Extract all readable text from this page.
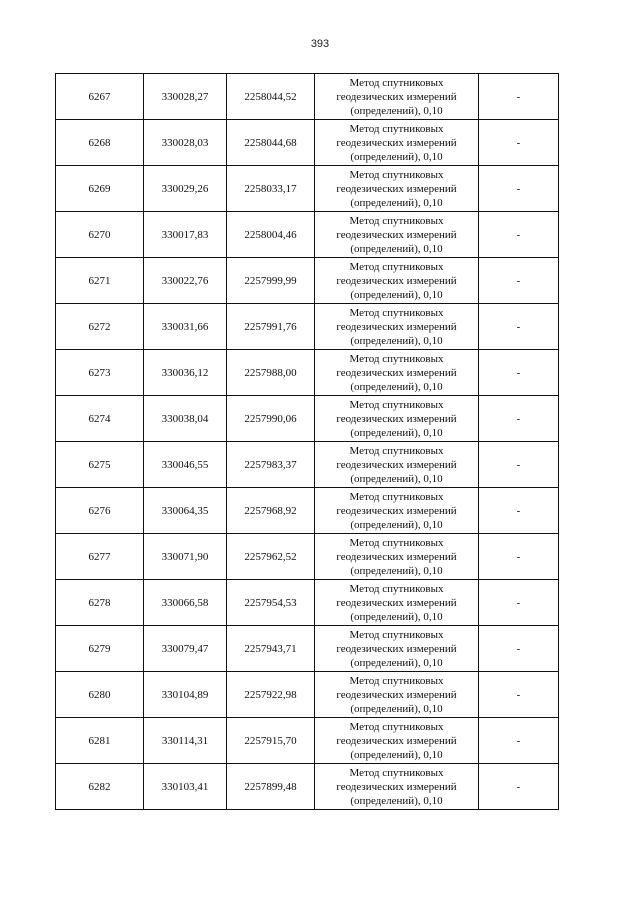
393
6267	330028,27	2258044,52	Метод спутниковых
геодезических измерений
(определений), 0,10	-
6268	330028,03	2258044,68	Метод спутниковых
геодезических измерений
(определений), 0,10	-
6269	330029,26	2258033,17	Метод спутниковых
геодезических измерений
(определений), 0,10	-
6270	330017,83	2258004,46	Метод спутниковых
геодезических измерений
(определений), 0,10	-
6271	330022,76	2257999,99	Метод спутниковых
геодезических измерений
(определений), 0,10	-
6272	330031,66	2257991,76	Метод спутниковых
геодезических измерений
(определений), 0,10	-
6273	330036,12	2257988,00	Метод спутниковых
геодезических измерений
(определений), 0,10	-
6274	330038,04	2257990,06	Метод спутниковых
геодезических измерений
(определений), 0,10	-
6275	330046,55	2257983,37	Метод спутниковых
геодезических измерений
(определений), 0,10	-
6276	330064,35	2257968,92	Метод спутниковых
геодезических измерений
(определений), 0,10	-
6277	330071,90	2257962,52	Метод спутниковых
геодезических измерений
(определений), 0,10	-
6278	330066,58	2257954,53	Метод спутниковых
геодезических измерений
(определений), 0,10	-
6279	330079,47	2257943,71	Метод спутниковых
геодезических измерений
(определений), 0,10	-
6280	330104,89	2257922,98	Метод спутниковых
геодезических измерений
(определений), 0,10	-
6281	330114,31	2257915,70	Метод спутниковых
геодезических измерений
(определений), 0,10	-
6282	330103,41	2257899,48	Метод спутниковых
геодезических измерений
(определений), 0,10	-
